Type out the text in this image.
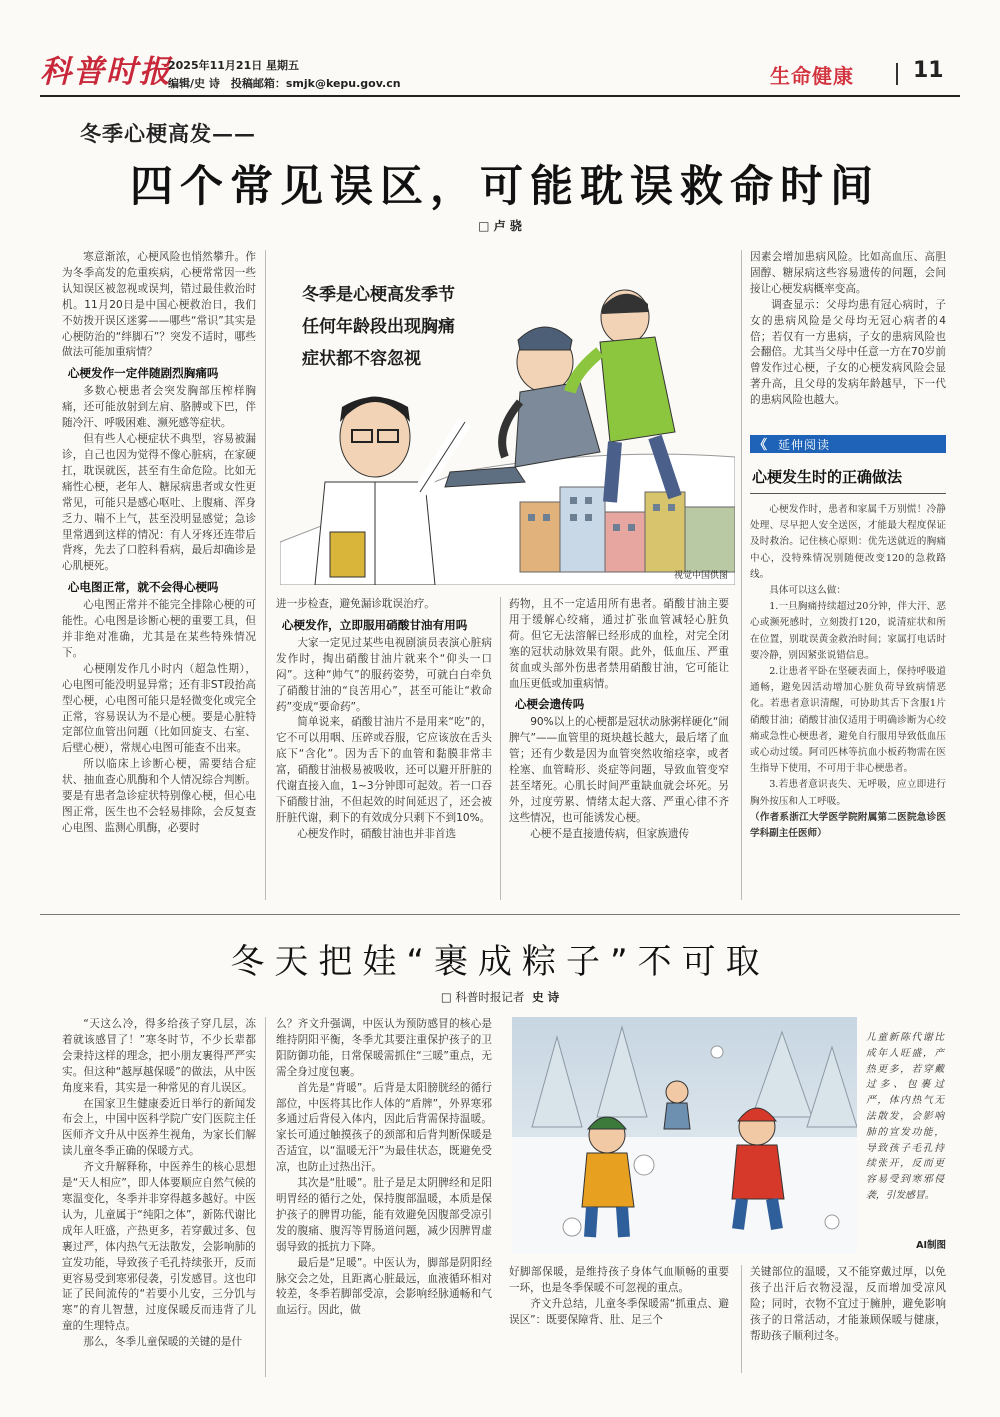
科普时报
2025年11月21日 星期五
编辑/史 诗　投稿邮箱：smjk@kepu.gov.cn	生命健康	11
冬季心梗高发——
四个常见误区，可能耽误救命时间
□ 卢 骁

寒意渐浓，心梗风险也悄然攀升。作为冬季高发的危重疾病，心梗常常因一些认知误区被忽视或误判，错过最佳救治时机。11月20日是中国心梗救治日，我们不妨拨开误区迷雾——哪些“常识”其实是心梗防治的“绊脚石”？突发不适时，哪些做法可能加重病情？

心梗发作一定伴随剧烈胸痛吗

多数心梗患者会突发胸部压榨样胸痛，还可能放射到左肩、胳膊或下巴，伴随冷汗、呼吸困难、濒死感等症状。

但有些人心梗症状不典型，容易被漏诊，自己也因为觉得不像心脏病，在家硬扛，耽误就医，甚至有生命危险。比如无痛性心梗，老年人、糖尿病患者或女性更常见，可能只是感心呕吐、上腹痛、浑身乏力、喘不上气，甚至没明显感觉；急诊里常遇到这样的情况：有人牙疼还连带后背疼，先去了口腔科看病，最后却确诊是心肌梗死。

心电图正常，就不会得心梗吗

心电图正常并不能完全排除心梗的可能性。心电图是诊断心梗的重要工具，但并非绝对准确，尤其是在某些特殊情况下。

心梗刚发作几小时内（超急性期），心电图可能没明显异常；还有非ST段抬高型心梗，心电图可能只是轻微变化或完全正常，容易误认为不是心梗。要是心脏特定部位血管出问题（比如回旋支、右室、后壁心梗），常规心电图可能查不出来。

所以临床上诊断心梗，需要结合症状、抽血查心肌酶和个人情况综合判断。要是有患者急诊症状特别像心梗，但心电图正常，医生也不会轻易排除，会反复查心电图、监测心肌酶，必要时

冬季是心梗高发季节
任何年龄段出现胸痛
症状都不容忽视
视觉中国供图

进一步检查，避免漏诊耽误治疗。

心梗发作，立即服用硝酸甘油有用吗

大家一定见过某些电视剧演员表演心脏病发作时，掏出硝酸甘油片就来个“仰头一口闷”。这种“帅气”的服药姿势，可就白白牵负了硝酸甘油的“良苦用心”，甚至可能让“救命药”变成“要命药”。

简单说来，硝酸甘油片不是用来“吃”的，它不可以用咽、压碎或吞服，它应该放在舌头底下“含化”。因为舌下的血管和黏膜非常丰富，硝酸甘油极易被吸收，还可以避开肝脏的代谢直接入血，1~3分钟即可起效。若一口吞下硝酸甘油，不但起效的时间延迟了，还会被肝脏代谢，剩下的有效成分只剩下不到10%。

心梗发作时，硝酸甘油也并非首选

药物，且不一定适用所有患者。硝酸甘油主要用于缓解心绞痛，通过扩张血管减轻心脏负荷。但它无法溶解已经形成的血栓，对完全闭塞的冠状动脉效果有限。此外，低血压、严重贫血或头部外伤患者禁用硝酸甘油，它可能让血压更低或加重病情。

心梗会遗传吗

90%以上的心梗都是冠状动脉粥样硬化“闹脾气”——血管里的斑块越长越大，最后堵了血管；还有少数是因为血管突然收缩痉挛，或者栓塞、血管畸形、炎症等问题，导致血管变窄甚至堵死。心肌长时间严重缺血就会坏死。另外，过度劳累、情绪太起大落、严重心律不齐这些情况，也可能诱发心梗。

心梗不是直接遗传病，但家族遗传

因素会增加患病风险。比如高血压、高胆固醇、糖尿病这些容易遗传的问题，会间接让心梗发病概率变高。

调查显示：父母均患有冠心病时，子女的患病风险是父母均无冠心病者的4倍；若仅有一方患病，子女的患病风险也会翻倍。尤其当父母中任意一方在70岁前曾发作过心梗，子女的心梗发病风险会显著升高，且父母的发病年龄越早，下一代的患病风险也越大。

《 延伸阅读
心梗发生时的正确做法

心梗发作时，患者和家属千万别慌！冷静处理、尽早把人安全送医，才能最大程度保证及时救治。记住核心原则：优先送就近的胸痛中心，没特殊情况别随便改变120的急救路线。

具体可以这么做：

1.一旦胸痛持续超过20分钟，伴大汗、恶心或濒死感时，立刻拨打120，说清症状和所在位置，别耽误黄金救治时间；家属打电话时要冷静，别因紧张说错信息。

2.让患者平卧在坚硬表面上，保持呼吸道通畅，避免因活动增加心脏负荷导致病情恶化。若患者意识清醒，可协助其舌下含服1片硝酸甘油；硝酸甘油仅适用于明确诊断为心绞痛或急性心梗患者，避免自行服用导致低血压或心动过缓。阿司匹林等抗血小板药物需在医生指导下使用，不可用于非心梗患者。

3.若患者意识丧失、无呼吸，应立即进行胸外按压和人工呼吸。

（作者系浙江大学医学院附属第二医院急诊医学科副主任医师）

冬天把娃“裹成粽子”不可取
□ 科普时报记者 史 诗

“天这么冷，得多给孩子穿几层，冻着就该感冒了！”寒冬时节，不少长辈都会秉持这样的理念，把小朋友裹得严严实实。但这种“越厚越保暖”的做法，从中医角度来看，其实是一种常见的育儿误区。

在国家卫生健康委近日举行的新闻发布会上，中国中医科学院广安门医院主任医师齐文升从中医养生视角，为家长们解读儿童冬季正确的保暖方式。

齐文升解释称，中医养生的核心思想是“天人相应”，即人体要顺应自然气候的寒温变化，冬季并非穿得越多越好。中医认为，儿童属于“纯阳之体”，新陈代谢比成年人旺盛，产热更多，若穿戴过多、包裹过严，体内热气无法散发，会影响肺的宣发功能，导致孩子毛孔持续张开，反而更容易受到寒邪侵袭，引发感冒。这也印证了民间流传的“若要小儿安，三分饥与寒”的育儿智慧，过度保暖反而违背了儿童的生理特点。

那么，冬季儿童保暖的关键的是什

么？齐文升强调，中医认为预防感冒的核心是维持阴阳平衡，冬季尤其要注重保护孩子的卫阳防御功能，日常保暖需抓住“三暖”重点，无需全身过度包裹。

首先是“背暖”。后背是太阳膀胱经的循行部位，中医将其比作人体的“盾牌”，外界寒邪多通过后背侵入体内，因此后背需保持温暖。家长可通过触摸孩子的颈部和后背判断保暖是否适宜，以“温暖无汗”为最佳状态，既避免受凉，也防止过热出汗。

其次是“肚暖”。肚子是足太阴脾经和足阳明胃经的循行之处，保持腹部温暖，本质是保护孩子的脾胃功能，能有效避免因腹部受凉引发的腹痛、腹泻等胃肠道问题，减少因脾胃虚弱导致的抵抗力下降。

最后是“足暖”。中医认为，脚部是阴阳经脉交会之处，且距离心脏最远，血液循环相对较差，冬季若脚部受凉，会影响经脉通畅和气血运行。因此，做

儿童新陈代谢比成年人旺盛，产热更多，若穿戴过多、包裹过严，体内热气无法散发，会影响肺的宣发功能，导致孩子毛孔持续张开，反而更容易受到寒邪侵袭，引发感冒。
AI制图

好脚部保暖，是维持孩子身体气血顺畅的重要一环，也是冬季保暖不可忽视的重点。

齐文升总结，儿童冬季保暖需“抓重点、避误区”：既要保障背、肚、足三个

关键部位的温暖，又不能穿戴过厚，以免孩子出汗后衣物浸湿，反而增加受凉风险；同时，衣物不宜过于臃肿，避免影响孩子的日常活动，才能兼顾保暖与健康，帮助孩子顺利过冬。
